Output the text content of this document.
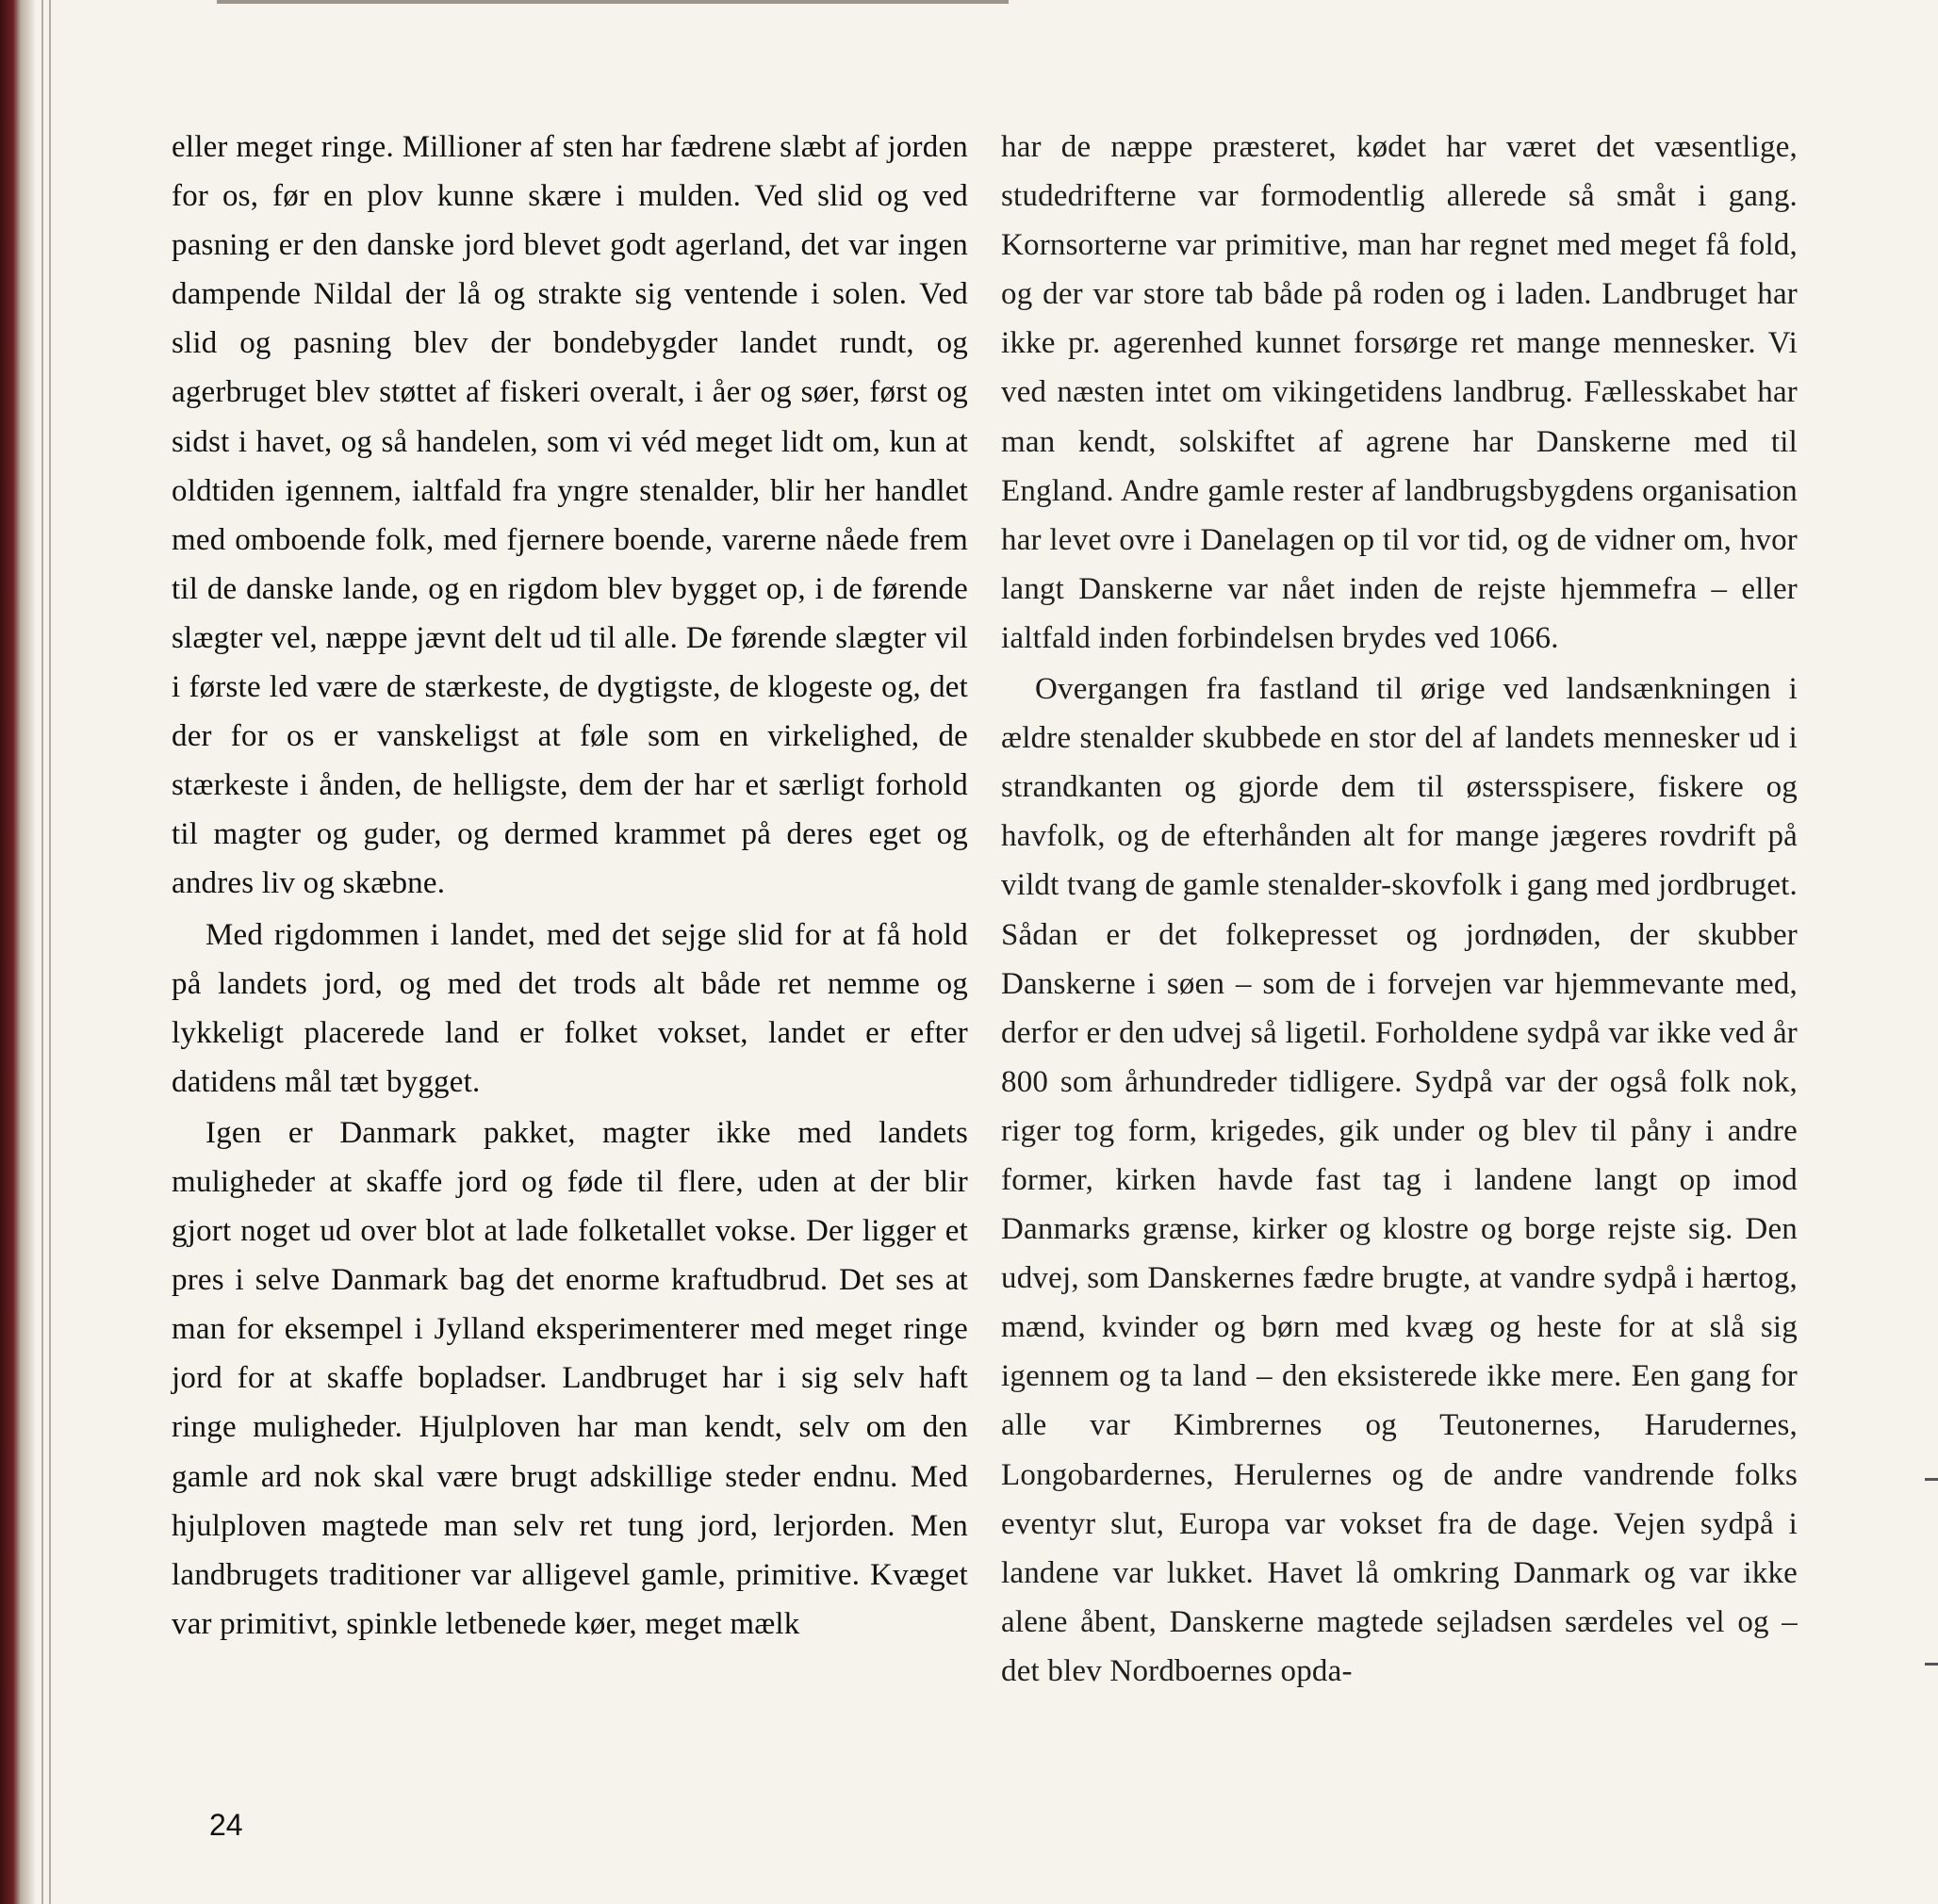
eller meget ringe. Millioner af sten har fædrene slæbt af jorden for os, før en plov kunne skære i mulden. Ved slid og ved pasning er den danske jord blevet godt agerland, det var ingen dampende Nildal der lå og strakte sig ventende i solen. Ved slid og pasning blev der bondebygder landet rundt, og agerbruget blev støttet af fiskeri overalt, i åer og søer, først og sidst i havet, og så handelen, som vi véd meget lidt om, kun at oldtiden igennem, ialtfald fra yngre stenalder, blir her handlet med omboende folk, med fjernere boende, varerne nåede frem til de danske lande, og en rigdom blev bygget op, i de førende slægter vel, næppe jævnt delt ud til alle. De førende slægter vil i første led være de stærkeste, de dygtigste, de klogeste og, det der for os er vanskeligst at føle som en virkelighed, de stærkeste i ånden, de helligste, dem der har et særligt forhold til magter og guder, og dermed krammet på deres eget og andres liv og skæbne.

Med rigdommen i landet, med det sejge slid for at få hold på landets jord, og med det trods alt både ret nemme og lykkeligt placerede land er folket vokset, landet er efter datidens mål tæt bygget.

Igen er Danmark pakket, magter ikke med landets muligheder at skaffe jord og føde til flere, uden at der blir gjort noget ud over blot at lade folketallet vokse. Der ligger et pres i selve Danmark bag det enorme kraftudbrud. Det ses at man for eksempel i Jylland eksperimenterer med meget ringe jord for at skaffe bopladser. Landbruget har i sig selv haft ringe muligheder. Hjulploven har man kendt, selv om den gamle ard nok skal være brugt adskillige steder endnu. Med hjulploven magtede man selv ret tung jord, lerjorden. Men landbrugets traditioner var alligevel gamle, primitive. Kvæget var primitivt, spinkle letbenede køer, meget mælk

har de næppe præsteret, kødet har været det væsentlige, studedrifterne var formodentlig allerede så småt i gang. Kornsorterne var primitive, man har regnet med meget få fold, og der var store tab både på roden og i laden. Landbruget har ikke pr. agerenhed kunnet forsørge ret mange mennesker. Vi ved næsten intet om vikingetidens landbrug. Fællesskabet har man kendt, solskiftet af agrene har Danskerne med til England. Andre gamle rester af landbrugsbygdens organisation har levet ovre i Danelagen op til vor tid, og de vidner om, hvor langt Danskerne var nået inden de rejste hjemmefra – eller ialtfald inden forbindelsen brydes ved 1066.

Overgangen fra fastland til ørige ved landsænkningen i ældre stenalder skubbede en stor del af landets mennesker ud i strandkanten og gjorde dem til østersspisere, fiskere og havfolk, og de efterhånden alt for mange jægeres rovdrift på vildt tvang de gamle stenalder-skovfolk i gang med jordbruget. Sådan er det folkepresset og jordnøden, der skubber Danskerne i søen – som de i forvejen var hjemmevante med, derfor er den udvej så ligetil. Forholdene sydpå var ikke ved år 800 som århundreder tidligere. Sydpå var der også folk nok, riger tog form, krigedes, gik under og blev til påny i andre former, kirken havde fast tag i landene langt op imod Danmarks grænse, kirker og klostre og borge rejste sig. Den udvej, som Danskernes fædre brugte, at vandre sydpå i hærtog, mænd, kvinder og børn med kvæg og heste for at slå sig igennem og ta land – den eksisterede ikke mere. Een gang for alle var Kimbrernes og Teutonernes, Harudernes, Longobardernes, Herulernes og de andre vandrende folks eventyr slut, Europa var vokset fra de dage. Vejen sydpå i landene var lukket. Havet lå omkring Danmark og var ikke alene åbent, Danskerne magtede sejladsen særdeles vel og – det blev Nordboernes opda-

24
